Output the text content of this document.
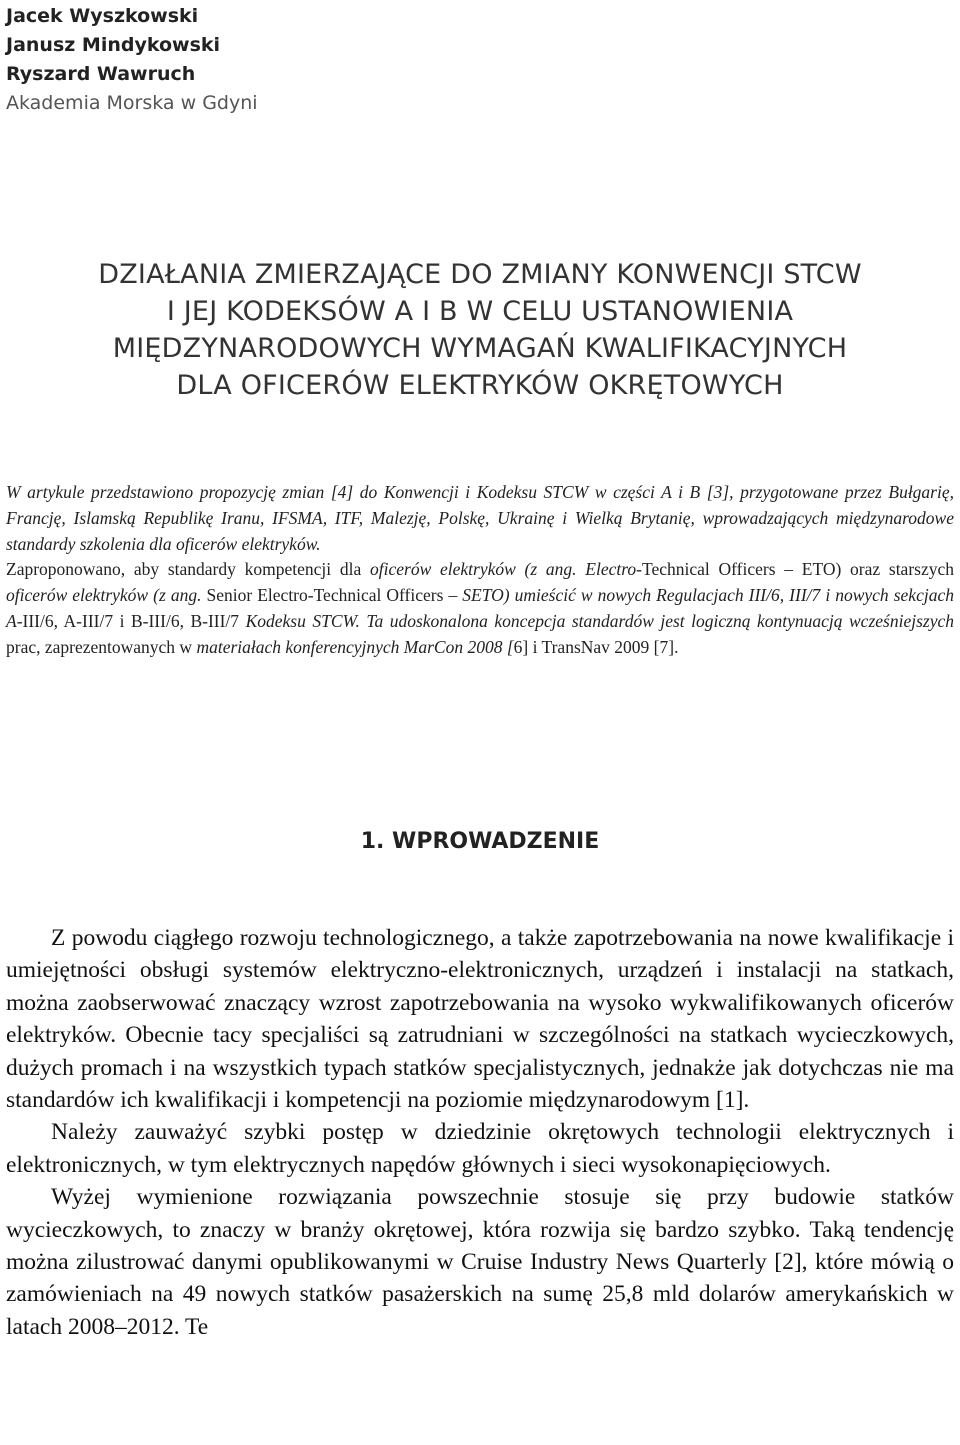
Jacek Wyszkowski
Janusz Mindykowski
Ryszard Wawruch
Akademia Morska w Gdyni
DZIAŁANIA ZMIERZAJĄCE DO ZMIANY KONWENCJI STCW
I JEJ KODEKSÓW A I B W CELU USTANOWIENIA
MIĘDZYNARODOWYCH WYMAGAŃ KWALIFIKACYJNYCH
DLA OFICERÓW ELEKTRYKÓW OKRĘTOWYCH

W artykule przedstawiono propozycję zmian [4] do Konwencji i Kodeksu STCW w części A i B [3], przygotowane przez Bułgarię, Francję, Islamską Republikę Iranu, IFSMA, ITF, Malezję, Polskę, Ukrainę i Wielką Brytanię, wprowadzających międzynarodowe standardy szkolenia dla oficerów elektryków.

Zaproponowano, aby standardy kompetencji dla oficerów elektryków (z ang. Electro-Technical Officers – ETO) oraz starszych oficerów elektryków (z ang. Senior Electro-Technical Officers – SETO) umieścić w nowych Regulacjach III/6, III/7 i nowych sekcjach A-III/6, A-III/7 i B-III/6, B-III/7 Kodeksu STCW. Ta udoskonalona koncepcja standardów jest logiczną kontynuacją wcześniejszych prac, zaprezentowanych w materiałach konferencyjnych MarCon 2008 [6] i TransNav 2009 [7].

1. WPROWADZENIE

Z powodu ciągłego rozwoju technologicznego, a także zapotrzebowania na nowe kwalifikacje i umiejętności obsługi systemów elektryczno-elektronicznych, urządzeń i instalacji na statkach, można zaobserwować znaczący wzrost zapotrzebowania na wysoko wykwalifikowanych oficerów elektryków. Obecnie tacy specjaliści są zatrudniani w szczególności na statkach wycieczkowych, dużych promach i na wszystkich typach statków specjalistycznych, jednakże jak dotychczas nie ma standardów ich kwalifikacji i kompetencji na poziomie międzynarodowym [1].

Należy zauważyć szybki postęp w dziedzinie okrętowych technologii elektrycznych i elektronicznych, w tym elektrycznych napędów głównych i sieci wysokonapięciowych.

Wyżej wymienione rozwiązania powszechnie stosuje się przy budowie statków wycieczkowych, to znaczy w branży okrętowej, która rozwija się bardzo szybko. Taką tendencję można zilustrować danymi opublikowanymi w Cruise Industry News Quarterly [2], które mówią o zamówieniach na 49 nowych statków pasażerskich na sumę 25,8 mld dolarów amerykańskich w latach 2008–2012. Te
